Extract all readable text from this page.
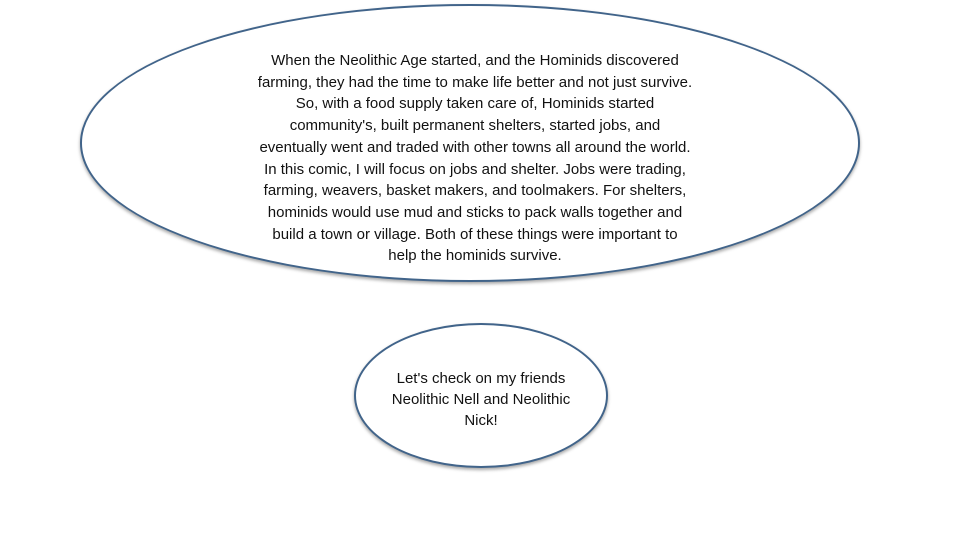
When the Neolithic Age started, and the Hominids discovered
farming, they had the time to make life better and not just survive.
So, with a food supply taken care of, Hominids started
community's, built permanent shelters, started jobs, and
eventually went and traded with other towns all around the world.
In this comic, I will focus on jobs and shelter. Jobs were trading,
farming, weavers, basket makers, and toolmakers. For shelters,
hominids would use mud and sticks to pack walls together and
build a town or village. Both of these things were important to
help the hominids survive.

Let's check on my friends
Neolithic Nell and Neolithic
Nick!
